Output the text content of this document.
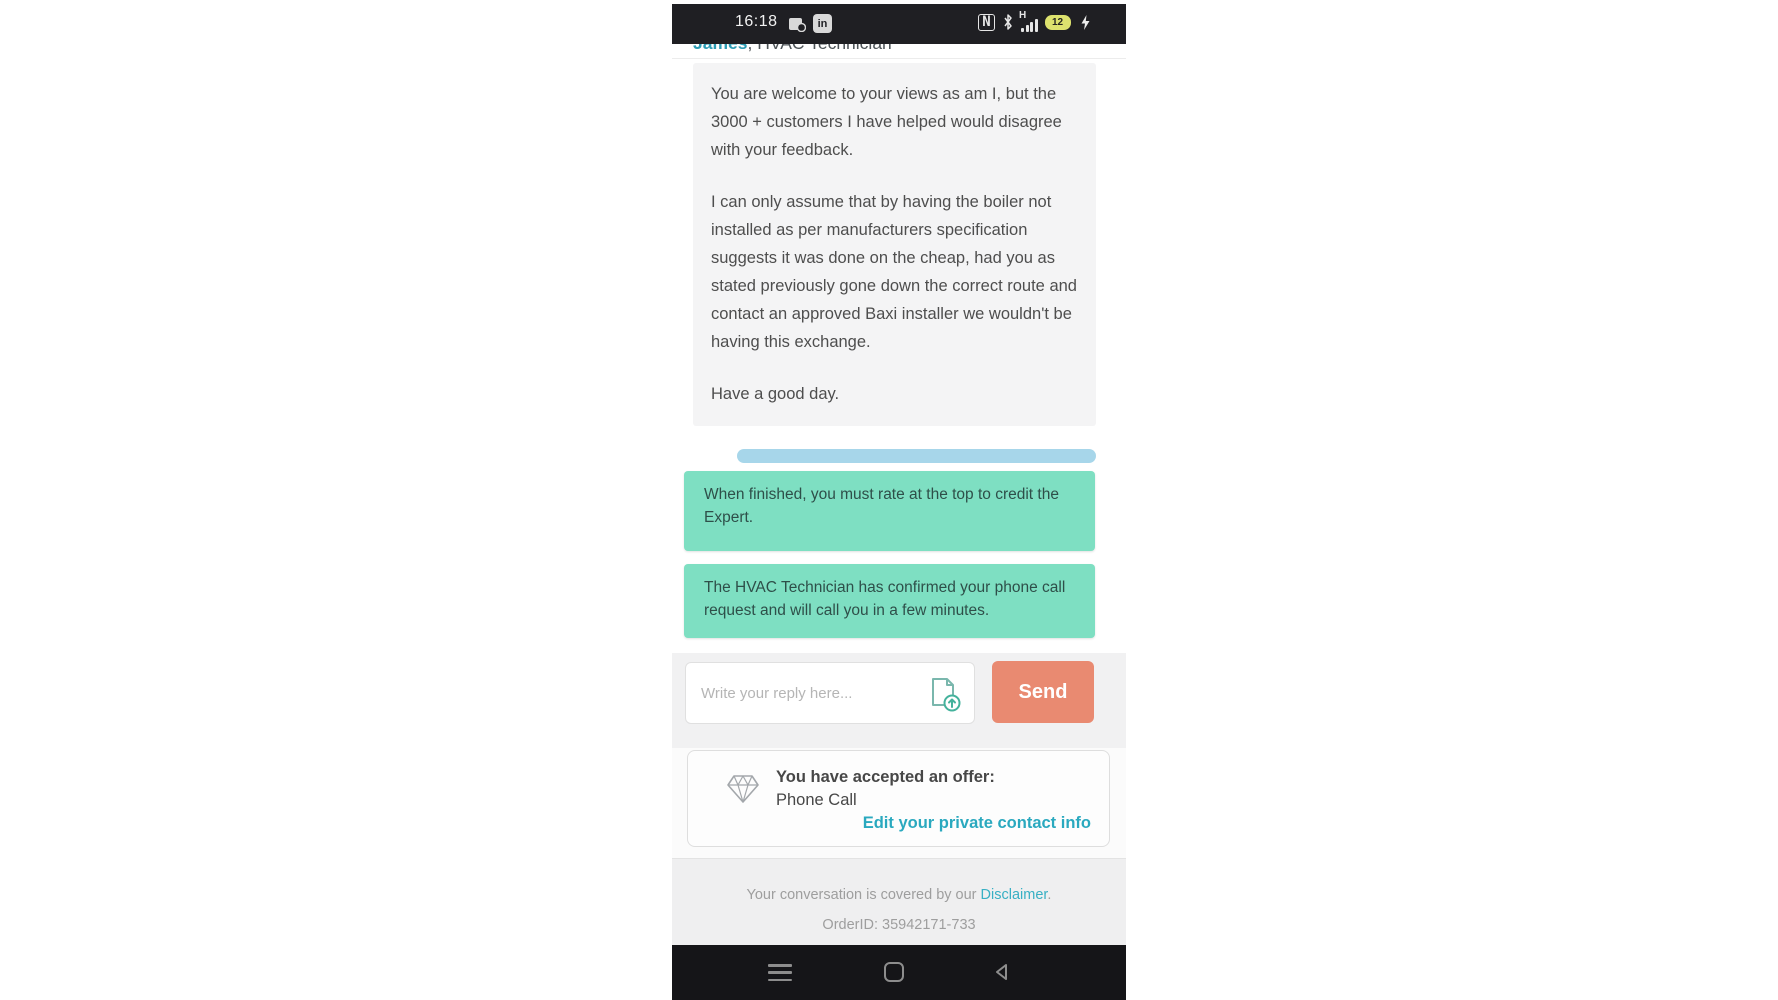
16:18	in	N	H
12

You are welcome to your views as am I, but the 3000 + customers I have helped would disagree with your feedback.

I can only assume that by having the boiler not installed as per manufacturers specification suggests it was done on the cheap, had you as stated previously gone down the correct route and contact an approved Baxi installer we wouldn't be having this exchange.

Have a good day.

When finished, you must rate at the top to credit the Expert.
The HVAC Technician has confirmed your phone call request and will call you in a few minutes.
Write your reply here...
Send
You have accepted an offer:
Phone Call
Edit your private contact info
Your conversation is covered by our Disclaimer.
OrderID: 35942171-733
